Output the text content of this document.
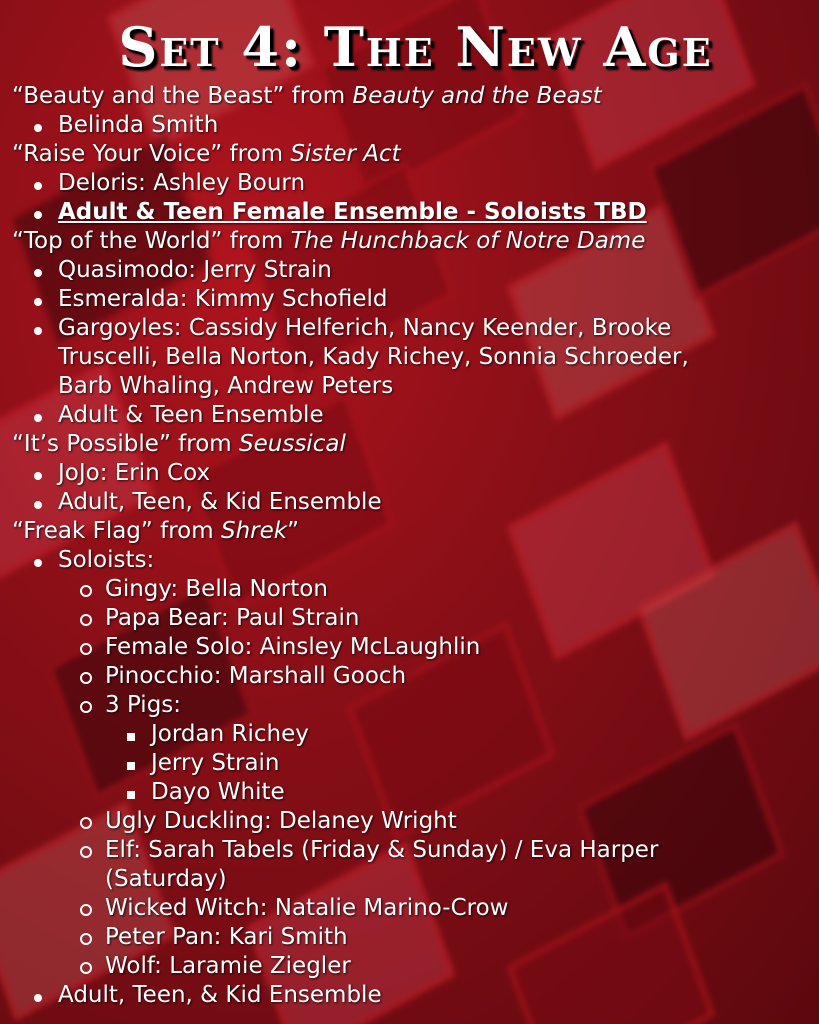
Set 4: The New Age
“Beauty and the Beast” from Beauty and the Beast
Belinda Smith
“Raise Your Voice” from Sister Act
Deloris: Ashley Bourn
Adult & Teen Female Ensemble - Soloists TBD
“Top of the World” from The Hunchback of Notre Dame
Quasimodo: Jerry Strain
Esmeralda: Kimmy Schofield
Gargoyles: Cassidy Helferich, Nancy Keender, Brooke
Truscelli, Bella Norton, Kady Richey, Sonnia Schroeder,
Barb Whaling, Andrew Peters
Adult & Teen Ensemble
“It’s Possible” from Seussical
JoJo: Erin Cox
Adult, Teen, & Kid Ensemble
“Freak Flag” from Shrek”
Soloists:
Gingy: Bella Norton
Papa Bear: Paul Strain
Female Solo: Ainsley McLaughlin
Pinocchio: Marshall Gooch
3 Pigs:
Jordan Richey
Jerry Strain
Dayo White
Ugly Duckling: Delaney Wright
Elf: Sarah Tabels (Friday & Sunday) / Eva Harper
(Saturday)
Wicked Witch: Natalie Marino-Crow
Peter Pan: Kari Smith
Wolf: Laramie Ziegler
Adult, Teen, & Kid Ensemble
